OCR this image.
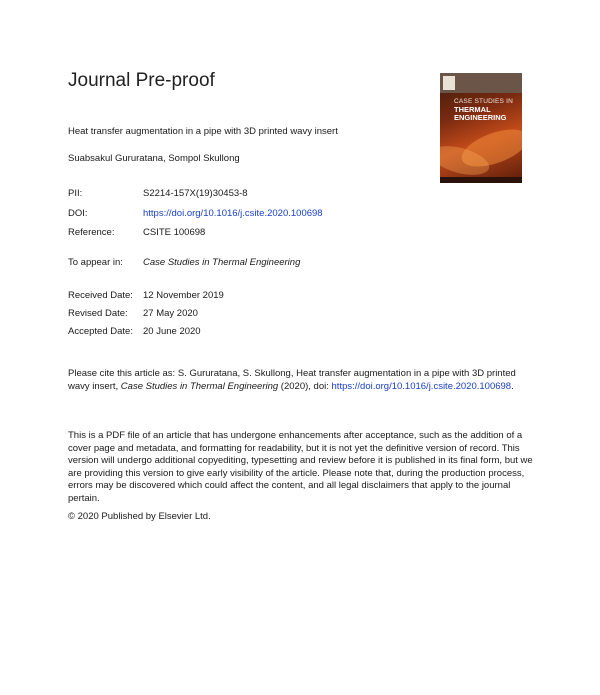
Journal Pre-proof
CASE STUDIES IN
THERMAL
ENGINEERING
Heat transfer augmentation in a pipe with 3D printed wavy insert
Suabsakul Gururatana, Sompol Skullong
PII:	S2214-157X(19)30453-8
DOI:	https://doi.org/10.1016/j.csite.2020.100698
Reference:	CSITE 100698
To appear in: Case Studies in Thermal Engineering
Received Date: 12 November 2019
Revised Date: 27 May 2020
Accepted Date: 20 June 2020
Please cite this article as: S. Gururatana, S. Skullong, Heat transfer augmentation in a pipe with 3D printed wavy insert, Case Studies in Thermal Engineering (2020), doi: https://doi.org/10.1016/j.csite.2020.100698.
This is a PDF file of an article that has undergone enhancements after acceptance, such as the addition of a cover page and metadata, and formatting for readability, but it is not yet the definitive version of record. This version will undergo additional copyediting, typesetting and review before it is published in its final form, but we are providing this version to give early visibility of the article. Please note that, during the production process, errors may be discovered which could affect the content, and all legal disclaimers that apply to the journal pertain.
© 2020 Published by Elsevier Ltd.
